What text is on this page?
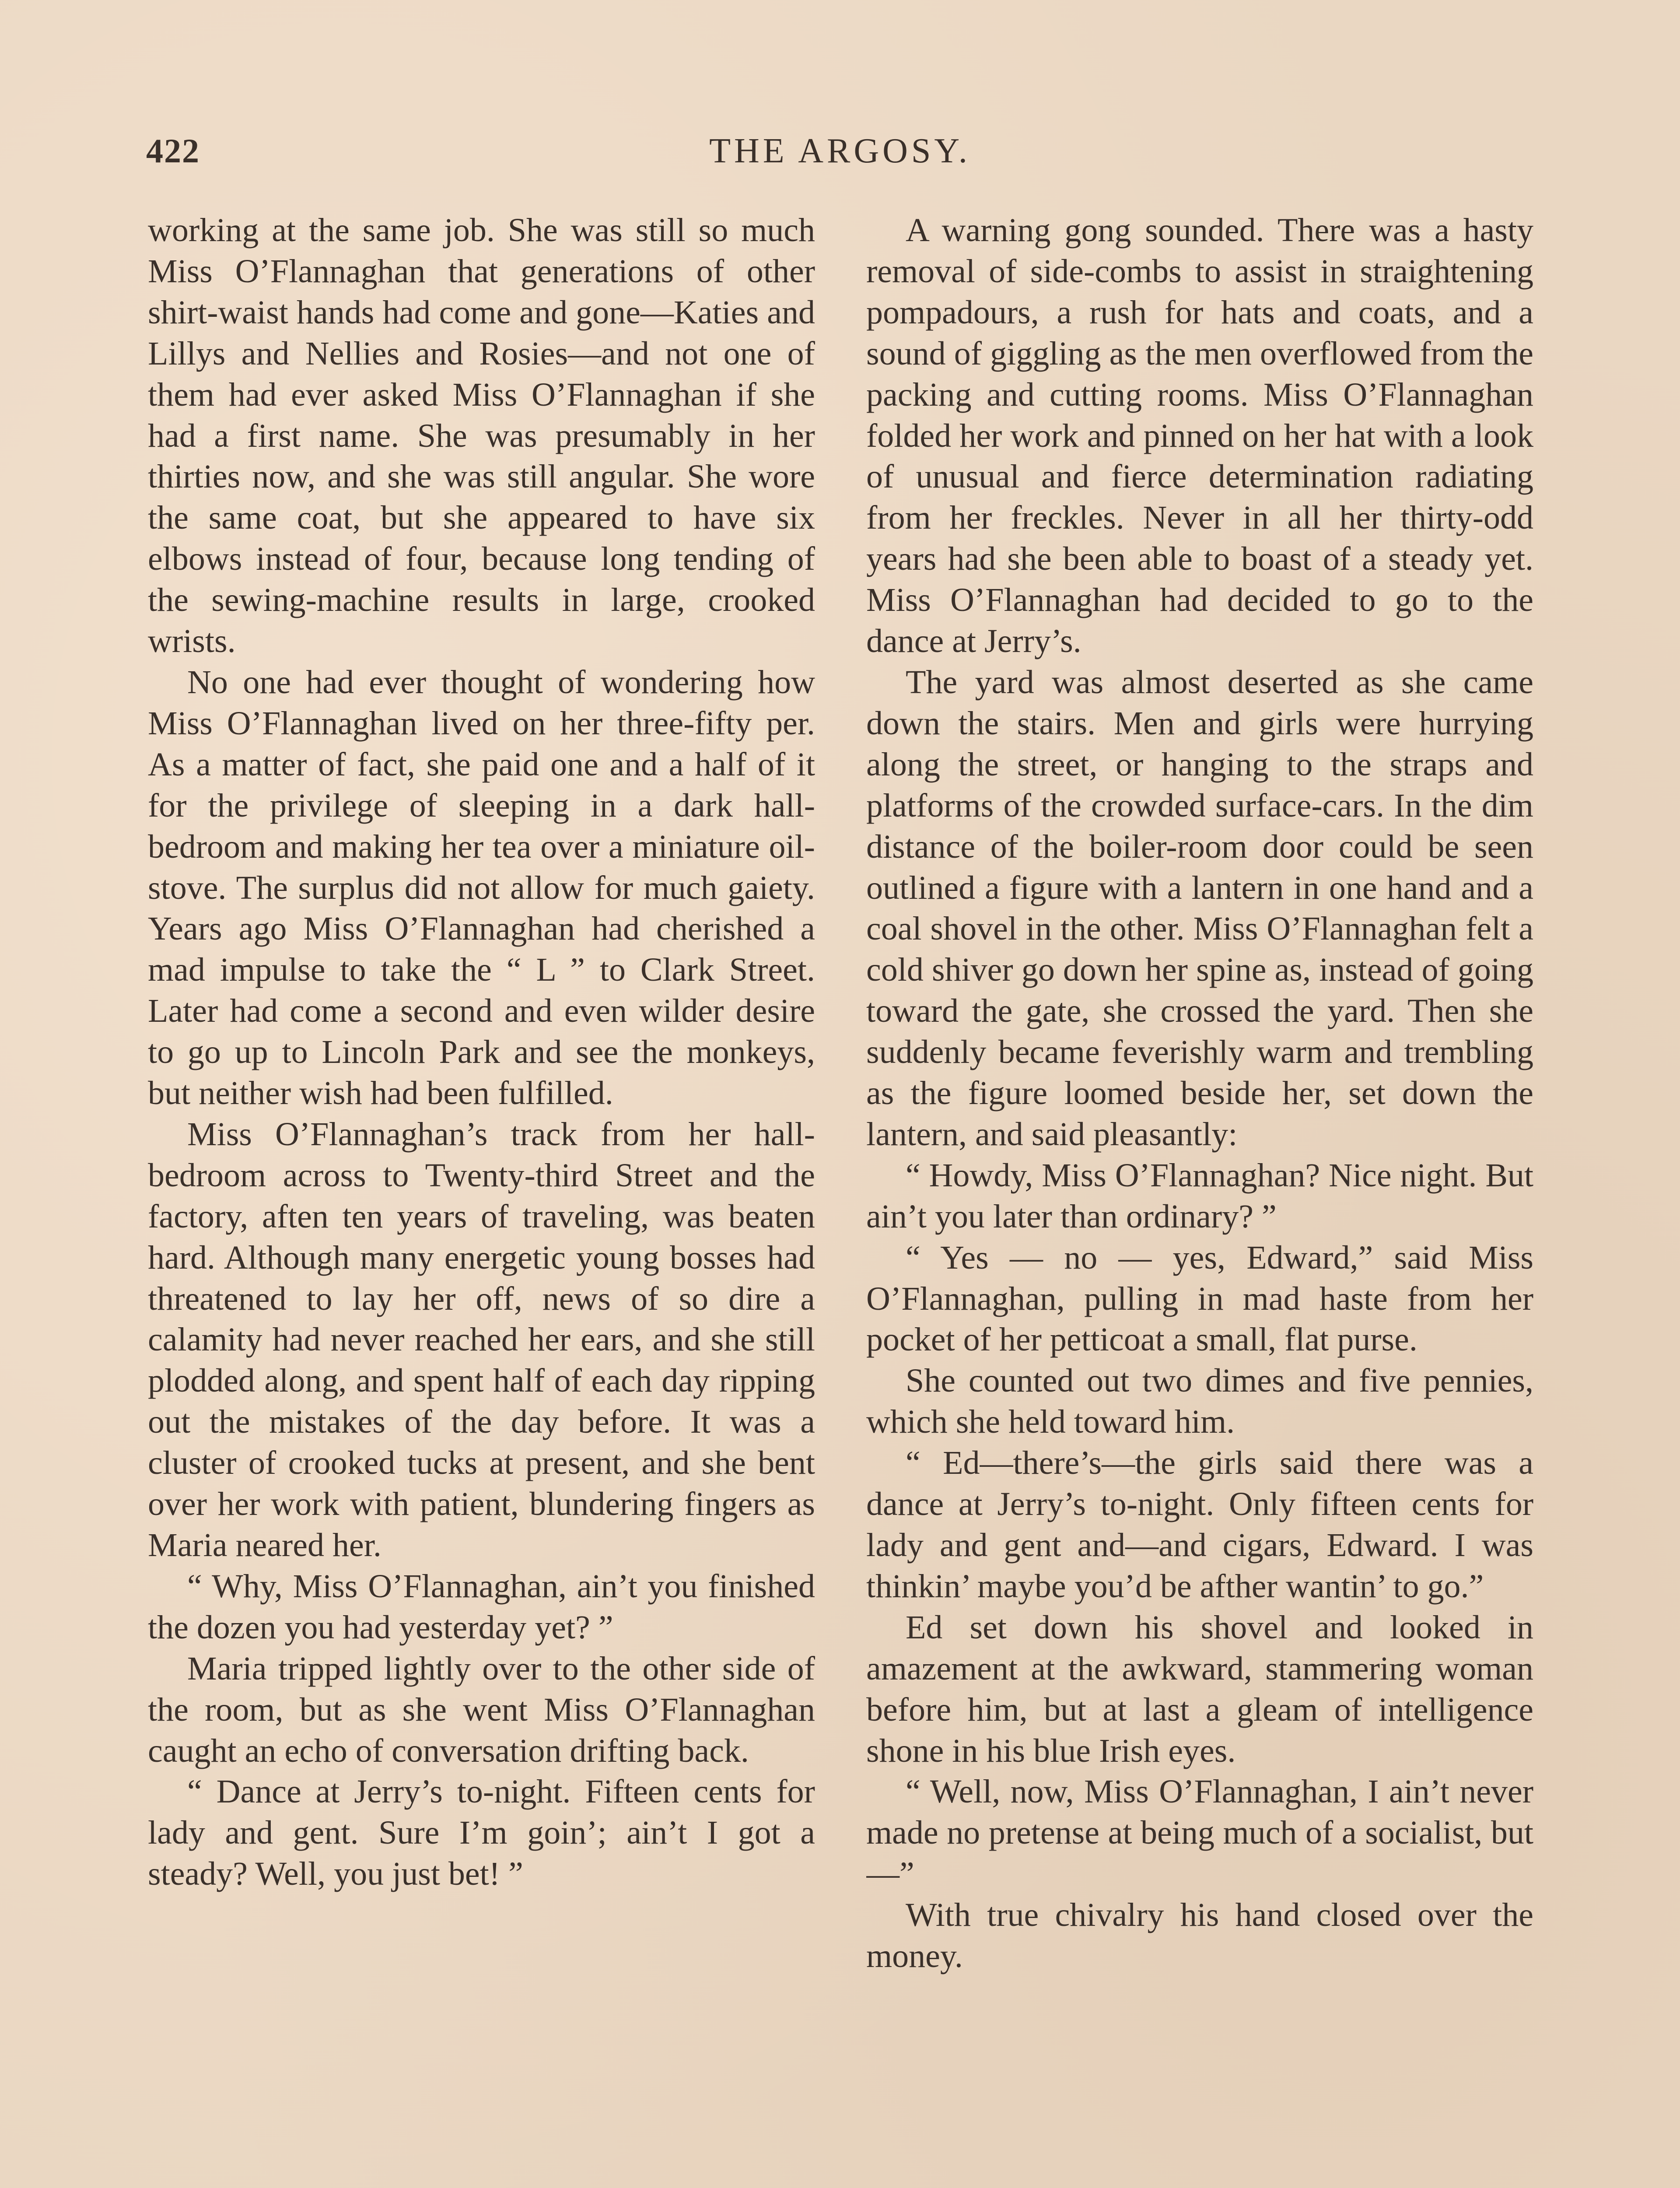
422	THE ARGOSY.

working at the same job. She was still so much Miss O’Flannaghan that generations of other shirt-waist hands had come and gone—Katies and Lillys and Nellies and Rosies—and not one of them had ever asked Miss O’Flannaghan if she had a first name. She was presumably in her thirties now, and she was still angular. She wore the same coat, but she appeared to have six elbows instead of four, because long tending of the sewing-machine results in large, crooked wrists.

No one had ever thought of wondering how Miss O’Flannaghan lived on her three-fifty per. As a matter of fact, she paid one and a half of it for the privilege of sleeping in a dark hall-bedroom and making her tea over a miniature oil-stove. The surplus did not allow for much gaiety. Years ago Miss O’Flannaghan had cherished a mad impulse to take the “ L ” to Clark Street. Later had come a second and even wilder desire to go up to Lincoln Park and see the monkeys, but neither wish had been fulfilled.

Miss O’Flannaghan’s track from her hall-bedroom across to Twenty-third Street and the factory, aften ten years of traveling, was beaten hard. Although many energetic young bosses had threatened to lay her off, news of so dire a calamity had never reached her ears, and she still plodded along, and spent half of each day ripping out the mistakes of the day before. It was a cluster of crooked tucks at present, and she bent over her work with patient, blundering fingers as Maria neared her.

“ Why, Miss O’Flannaghan, ain’t you finished the dozen you had yesterday yet? ”

Maria tripped lightly over to the other side of the room, but as she went Miss O’Flannaghan caught an echo of conversation drifting back.

“ Dance at Jerry’s to-night. Fifteen cents for lady and gent. Sure I’m goin’; ain’t I got a steady? Well, you just bet! ”

A warning gong sounded. There was a hasty removal of side-combs to assist in straightening pompadours, a rush for hats and coats, and a sound of giggling as the men overflowed from the packing and cutting rooms. Miss O’Flannaghan folded her work and pinned on her hat with a look of unusual and fierce determination radiating from her freckles. Never in all her thirty-odd years had she been able to boast of a steady yet. Miss O’Flannaghan had decided to go to the dance at Jerry’s.

The yard was almost deserted as she came down the stairs. Men and girls were hurrying along the street, or hanging to the straps and platforms of the crowded surface-cars. In the dim distance of the boiler-room door could be seen outlined a figure with a lantern in one hand and a coal shovel in the other. Miss O’Flannaghan felt a cold shiver go down her spine as, instead of going toward the gate, she crossed the yard. Then she suddenly became feverishly warm and trembling as the figure loomed beside her, set down the lantern, and said pleasantly:

“ Howdy, Miss O’Flannaghan? Nice night. But ain’t you later than ordinary? ”

“ Yes — no — yes, Edward,” said Miss O’Flannaghan, pulling in mad haste from her pocket of her petticoat a small, flat purse.

She counted out two dimes and five pennies, which she held toward him.

“ Ed—there’s—the girls said there was a dance at Jerry’s to-night. Only fifteen cents for lady and gent and—and cigars, Edward. I was thinkin’ maybe you’d be afther wantin’ to go.”

Ed set down his shovel and looked in amazement at the awkward, stammering woman before him, but at last a gleam of intelligence shone in his blue Irish eyes.

“ Well, now, Miss O’Flannaghan, I ain’t never made no pretense at being much of a socialist, but—”

With true chivalry his hand closed over the money.
